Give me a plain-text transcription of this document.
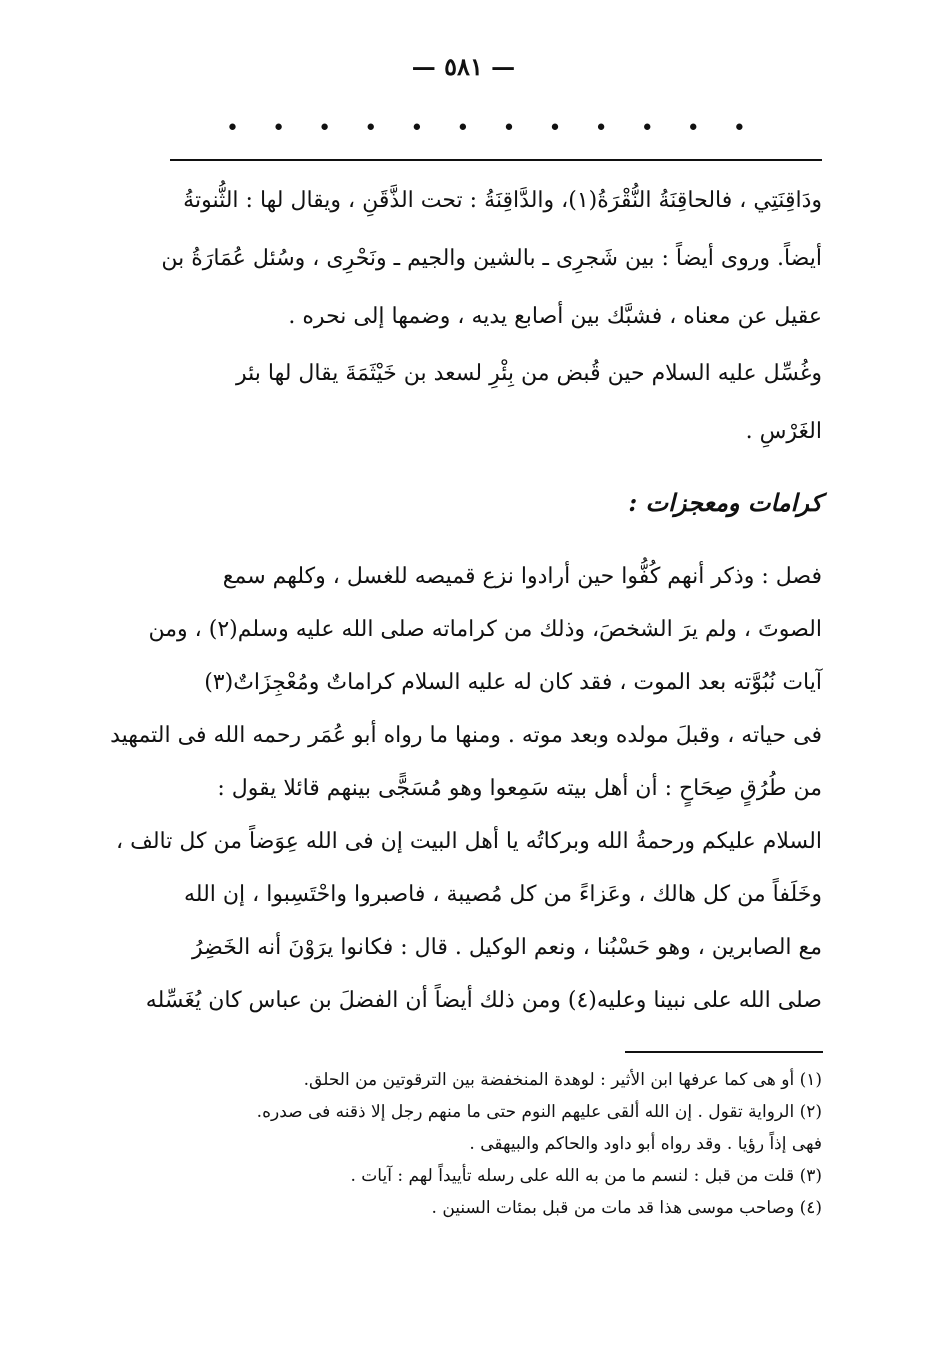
— ٥٨١ —
• • • • • • • • • • • •
ودَاقِنَتِي ، فالحاقِنَةُ النُّقْرَةُ(١)، والدَّاقِنَةُ : تحت الذَّقَنِ ، ويقال لها : الثُّنوتةُ
أيضاً. وروى أيضاً : بين شَجرِى ـ بالشين والجيم ـ ونَحْرِى ، وسُئل عُمَارَةُ بن
عقيل عن معناه ، فشبَّك بين أصابع يديه ، وضمها إلى نحره .
وغُسِّل عليه السلام حين قُبض من بِئْرِ لسعد بن خَيْثَمَةَ يقال لها بئر
الغَرْسِ .
كرامات ومعجزات :
فصل : وذكر أنهم كُفُّوا حين أرادوا نزع قميصه للغسل ، وكلهم سمع
الصوتَ ، ولم يرَ الشخصَ، وذلك من كراماته صلى الله عليه وسلم(٢) ، ومن
آيات نُبُوَّته بعد الموت ، فقد كان له عليه السلام كراماتٌ ومُعْجِزَاتٌ(٣)
فى حياته ، وقبلَ مولده وبعد موته . ومنها ما رواه أبو عُمَر رحمه الله فى التمهيد
من طُرُقٍ صِحَاحٍ : أن أهل بيته سَمِعوا وهو مُسَجًّى بينهم قائلا يقول :
السلام عليكم ورحمةُ الله وبركاتُه يا أهل البيت إن فى الله عِوَضاً من كل تالف ،
وخَلَفاً من كل هالك ، وعَزاءً من كل مُصيبة ، فاصبروا واحْتَسِبوا ، إن الله
مع الصابرين ، وهو حَسْبُنا ، ونعم الوكيل . قال : فكانوا يرَوْنَ أنه الخَضِرُ
صلى الله على نبينا وعليه(٤) ومن ذلك أيضاً أن الفضلَ بن عباس كان يُغَسِّله
(١) أو هى كما عرفها ابن الأثير : لوهدة المنخفضة بين الترقوتين من الحلق.
(٢) الرواية تقول . إن الله ألقى عليهم النوم حتى ما منهم رجل إلا ذقنه فى صدره.
فهى إذاً رؤيا . وقد رواه أبو داود والحاكم والبيهقى .
(٣) قلت من قبل : لنسم ما من به الله على رسله تأييداً لهم : آيات .
(٤) وصاحب موسى هذا قد مات من قبل بمئات السنين .
